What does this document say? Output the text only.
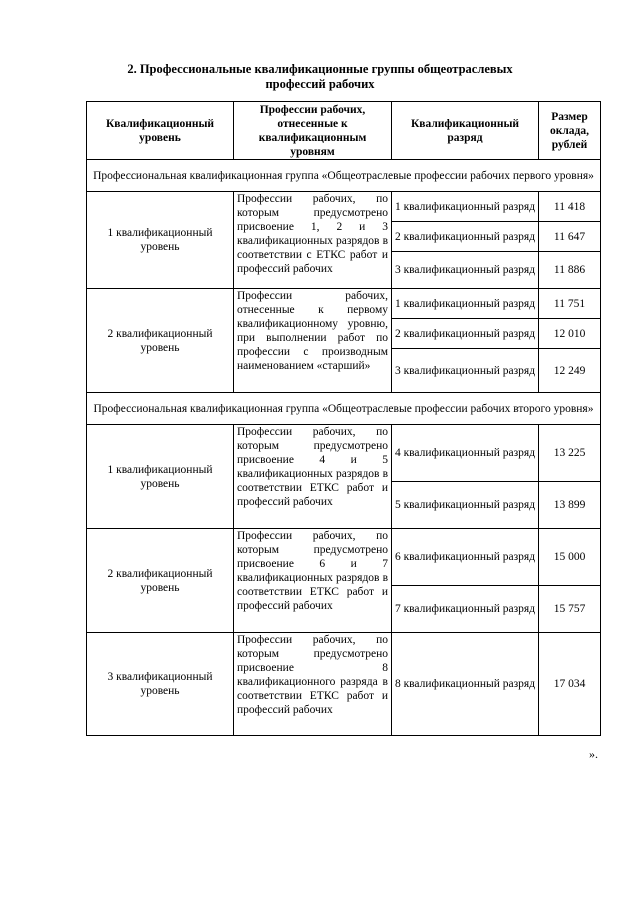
2. Профессиональные квалификационные группы общеотраслевых
профессий рабочих
Квалификационный уровень	Профессии рабочих, отнесенные к квалификационным уровням	Квалификационный разряд	Размер оклада, рублей
Профессиональная квалификационная группа «Общеотраслевые профессии рабочих первого уровня»			
1 квалификационный уровень	Профессии рабочих, по которым предусмотрено присвоение 1, 2 и 3 квалификационных разрядов в соответствии с ЕТКС работ и профессий рабочих	1 квалификационный разряд	11 418
		2 квалификационный разряд	11 647
		3 квалификационный разряд	11 886
2 квалификационный уровень	Профессии рабочих, отнесенные к первому квалификационному уровню, при выполнении работ по профессии с производным наименованием «старший»	1 квалификационный разряд	11 751
		2 квалификационный разряд	12 010
		3 квалификационный разряд	12 249
Профессиональная квалификационная группа «Общеотраслевые профессии рабочих второго уровня»			
1 квалификационный уровень	Профессии рабочих, по которым предусмотрено присвоение 4 и 5 квалификационных разрядов в соответствии ЕТКС работ и профессий рабочих	4 квалификационный разряд	13 225
		5 квалификационный разряд	13 899
2 квалификационный уровень	Профессии рабочих, по которым предусмотрено присвоение 6 и 7 квалификационных разрядов в соответствии ЕТКС работ и профессий рабочих	6 квалификационный разряд	15 000
		7 квалификационный разряд	15 757
3 квалификационный уровень	Профессии рабочих, по которым предусмотрено присвоение 8 квалификационного разряда в соответствии ЕТКС работ и профессий рабочих	8 квалификационный разряд	17 034
».
